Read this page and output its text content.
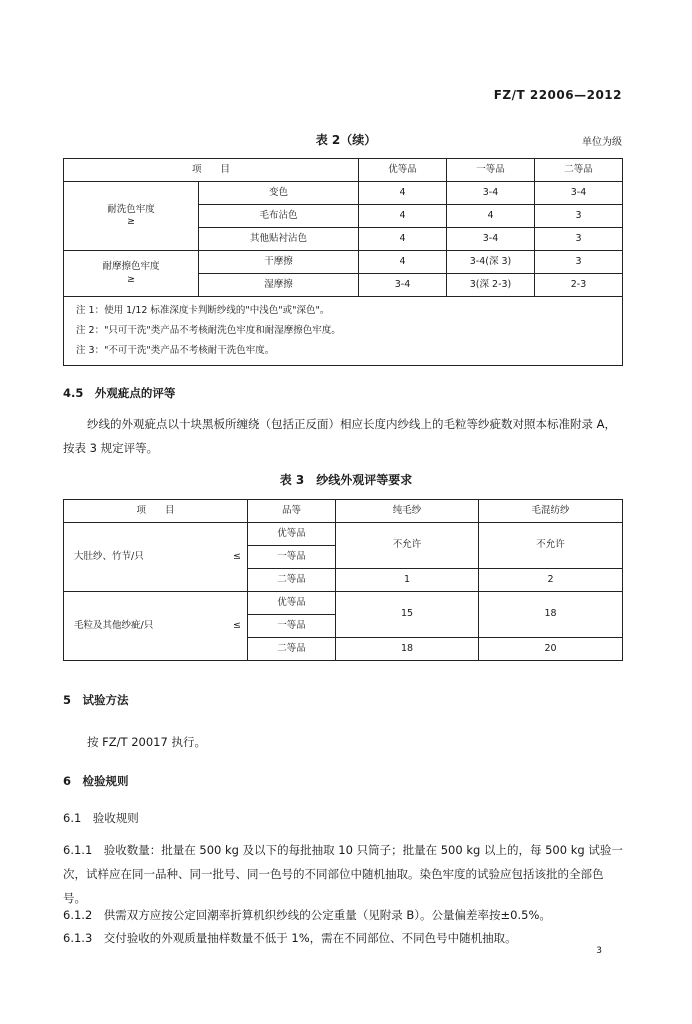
FZ/T 22006—2012
表 2（续）	单位为级
项　　目		优等品	一等品	二等品

耐洗色牢度
≥	变色	4	3-4	3-4
	毛布沾色	4	4	3
	其他贴衬沾色	4	3-4	3

耐摩擦色牢度
≥	干摩擦	4	3-4(深 3)	3
	湿摩擦	3-4	3(深 2-3)	2-3

注 1：使用 1/12 标准深度卡判断纱线的"中浅色"或"深色"。
注 2："只可干洗"类产品不考核耐洗色牢度和耐湿摩擦色牢度。
注 3："不可干洗"类产品不考核耐干洗色牢度。				
4.5　外观疵点的评等
纱线的外观疵点以十块黑板所缠绕（包括正反面）相应长度内纱线上的毛粒等纱疵数对照本标准附录 A，按表 3 规定评等。
表 3　纱线外观评等要求
项　　目		品等	纯毛纱	毛混纺纱
大肚纱、竹节/只	≤	优等品	不允许	不允许
		一等品		
		二等品	1	2
毛粒及其他纱疵/只	≤	优等品	15	18
		一等品		
		二等品	18	20
5　试验方法
按 FZ/T 20017 执行。
6　检验规则
6.1　验收规则
6.1.1　验收数量：批量在 500 kg 及以下的每批抽取 10 只筒子；批量在 500 kg 以上的，每 500 kg 试验一次，试样应在同一品种、同一批号、同一色号的不同部位中随机抽取。染色牢度的试验应包括该批的全部色号。
6.1.2　供需双方应按公定回潮率折算机织纱线的公定重量（见附录 B）。公量偏差率按±0.5%。
6.1.3　交付验收的外观质量抽样数量不低于 1%，需在不同部位、不同色号中随机抽取。
3
